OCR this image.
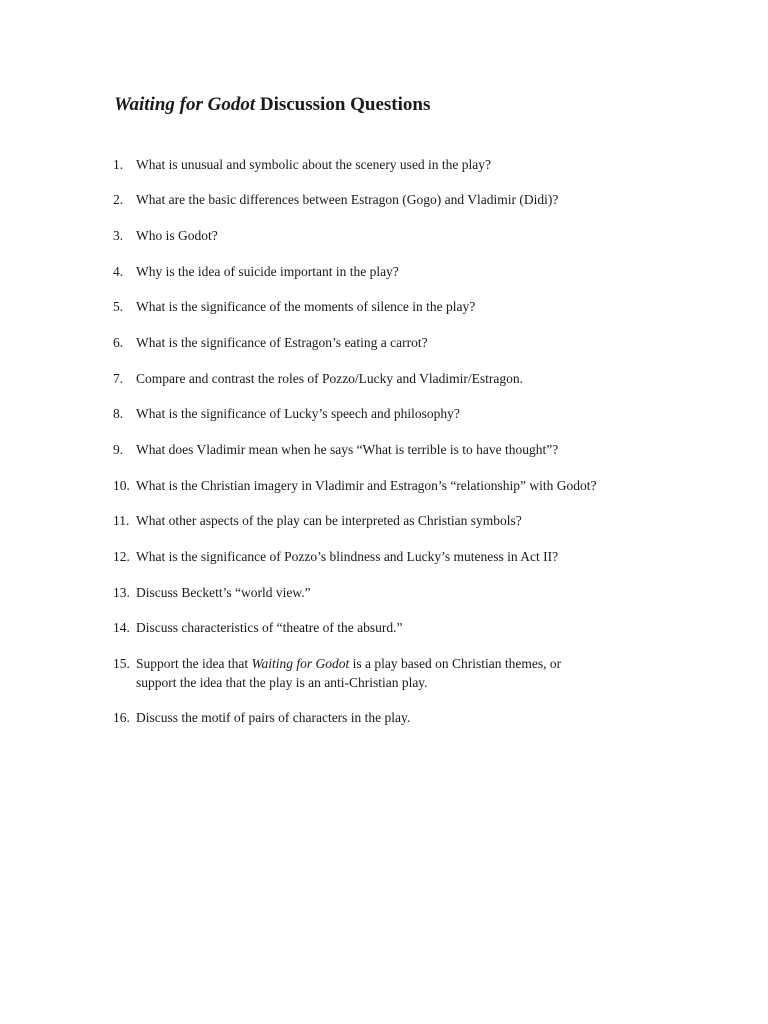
Waiting for Godot Discussion Questions
1. What is unusual and symbolic about the scenery used in the play?
2. What are the basic differences between Estragon (Gogo) and Vladimir (Didi)?
3. Who is Godot?
4. Why is the idea of suicide important in the play?
5. What is the significance of the moments of silence in the play?
6. What is the significance of Estragon’s eating a carrot?
7. Compare and contrast the roles of Pozzo/Lucky and Vladimir/Estragon.
8. What is the significance of Lucky’s speech and philosophy?
9. What does Vladimir mean when he says “What is terrible is to have thought”?
10. What is the Christian imagery in Vladimir and Estragon’s “relationship” with Godot?
11. What other aspects of the play can be interpreted as Christian symbols?
12. What is the significance of Pozzo’s blindness and Lucky’s muteness in Act II?
13. Discuss Beckett’s “world view.”
14. Discuss characteristics of “theatre of the absurd.”
15. Support the idea that Waiting for Godot is a play based on Christian themes, or
support the idea that the play is an anti-Christian play.
16. Discuss the motif of pairs of characters in the play.
